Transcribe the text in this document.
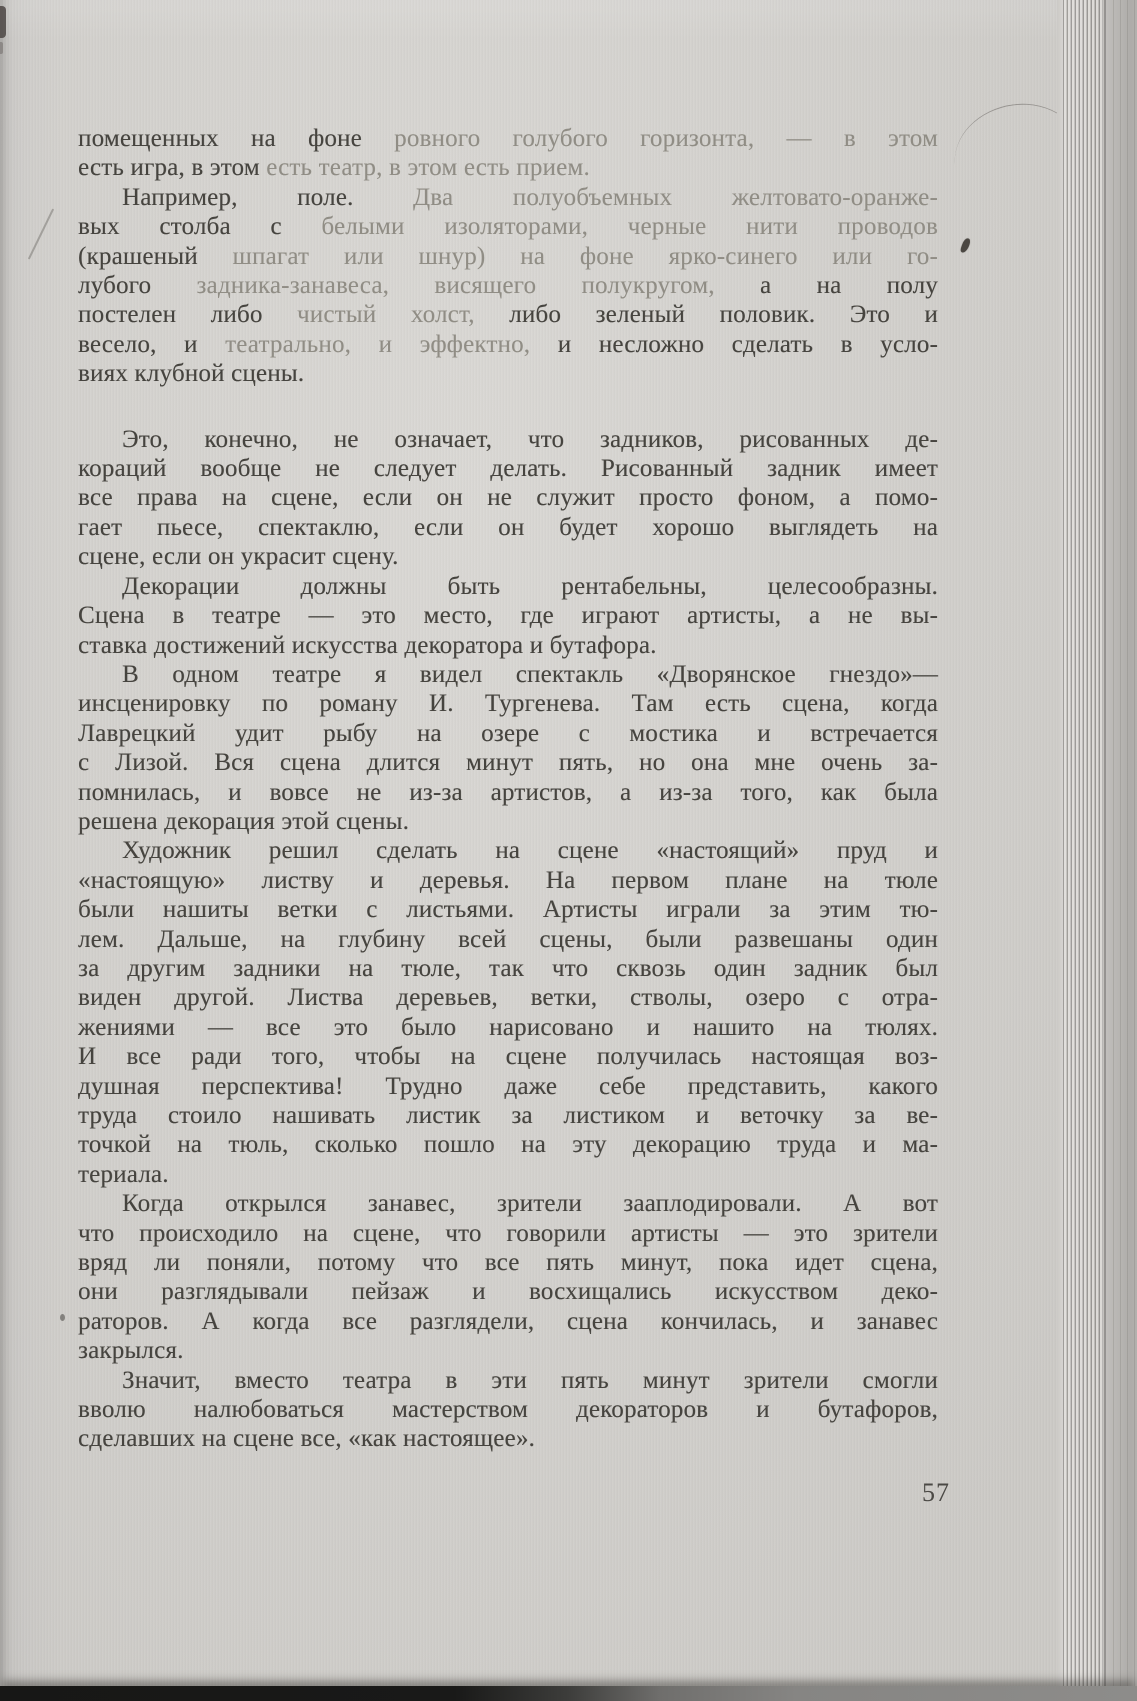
помещенных на фоне ровного голубого горизонта, — в этом
есть игра, в этом есть театр, в этом есть прием.
Например, поле. Два полуобъемных желтовато-оранже-
вых столба с белыми изоляторами, черные нити проводов
(крашеный шпагат или шнур) на фоне ярко-синего или го-
лубого задника-занавеса, висящего полукругом, а на полу
постелен либо чистый холст, либо зеленый половик. Это и
весело, и театрально, и эффектно, и несложно сделать в усло-
виях клубной сцены.
Это, конечно, не означает, что задников, рисованных де-
кораций вообще не следует делать. Рисованный задник имеет
все права на сцене, если он не служит просто фоном, а помо-
гает пьесе, спектаклю, если он будет хорошо выглядеть на
сцене, если он украсит сцену.
Декорации должны быть рентабельны, целесообразны.
Сцена в театре — это место, где играют артисты, а не вы-
ставка достижений искусства декоратора и бутафора.
В одном театре я видел спектакль «Дворянское гнездо»—
инсценировку по роману И. Тургенева. Там есть сцена, когда
Лаврецкий удит рыбу на озере с мостика и встречается
с Лизой. Вся сцена длится минут пять, но она мне очень за-
помнилась, и вовсе не из-за артистов, а из-за того, как была
решена декорация этой сцены.
Художник решил сделать на сцене «настоящий» пруд и
«настоящую» листву и деревья. На первом плане на тюле
были нашиты ветки с листьями. Артисты играли за этим тю-
лем. Дальше, на глубину всей сцены, были развешаны один
за другим задники на тюле, так что сквозь один задник был
виден другой. Листва деревьев, ветки, стволы, озеро с отра-
жениями — все это было нарисовано и нашито на тюлях.
И все ради того, чтобы на сцене получилась настоящая воз-
душная перспектива! Трудно даже себе представить, какого
труда стоило нашивать листик за листиком и веточку за ве-
точкой на тюль, сколько пошло на эту декорацию труда и ма-
териала.
Когда открылся занавес, зрители зааплодировали. А вот
что происходило на сцене, что говорили артисты — это зрители
вряд ли поняли, потому что все пять минут, пока идет сцена,
они разглядывали пейзаж и восхищались искусством деко-
раторов. А когда все разглядели, сцена кончилась, и занавес
закрылся.
Значит, вместо театра в эти пять минут зрители смогли
вволю налюбоваться мастерством декораторов и бутафоров,
сделавших на сцене все, «как настоящее».
57
